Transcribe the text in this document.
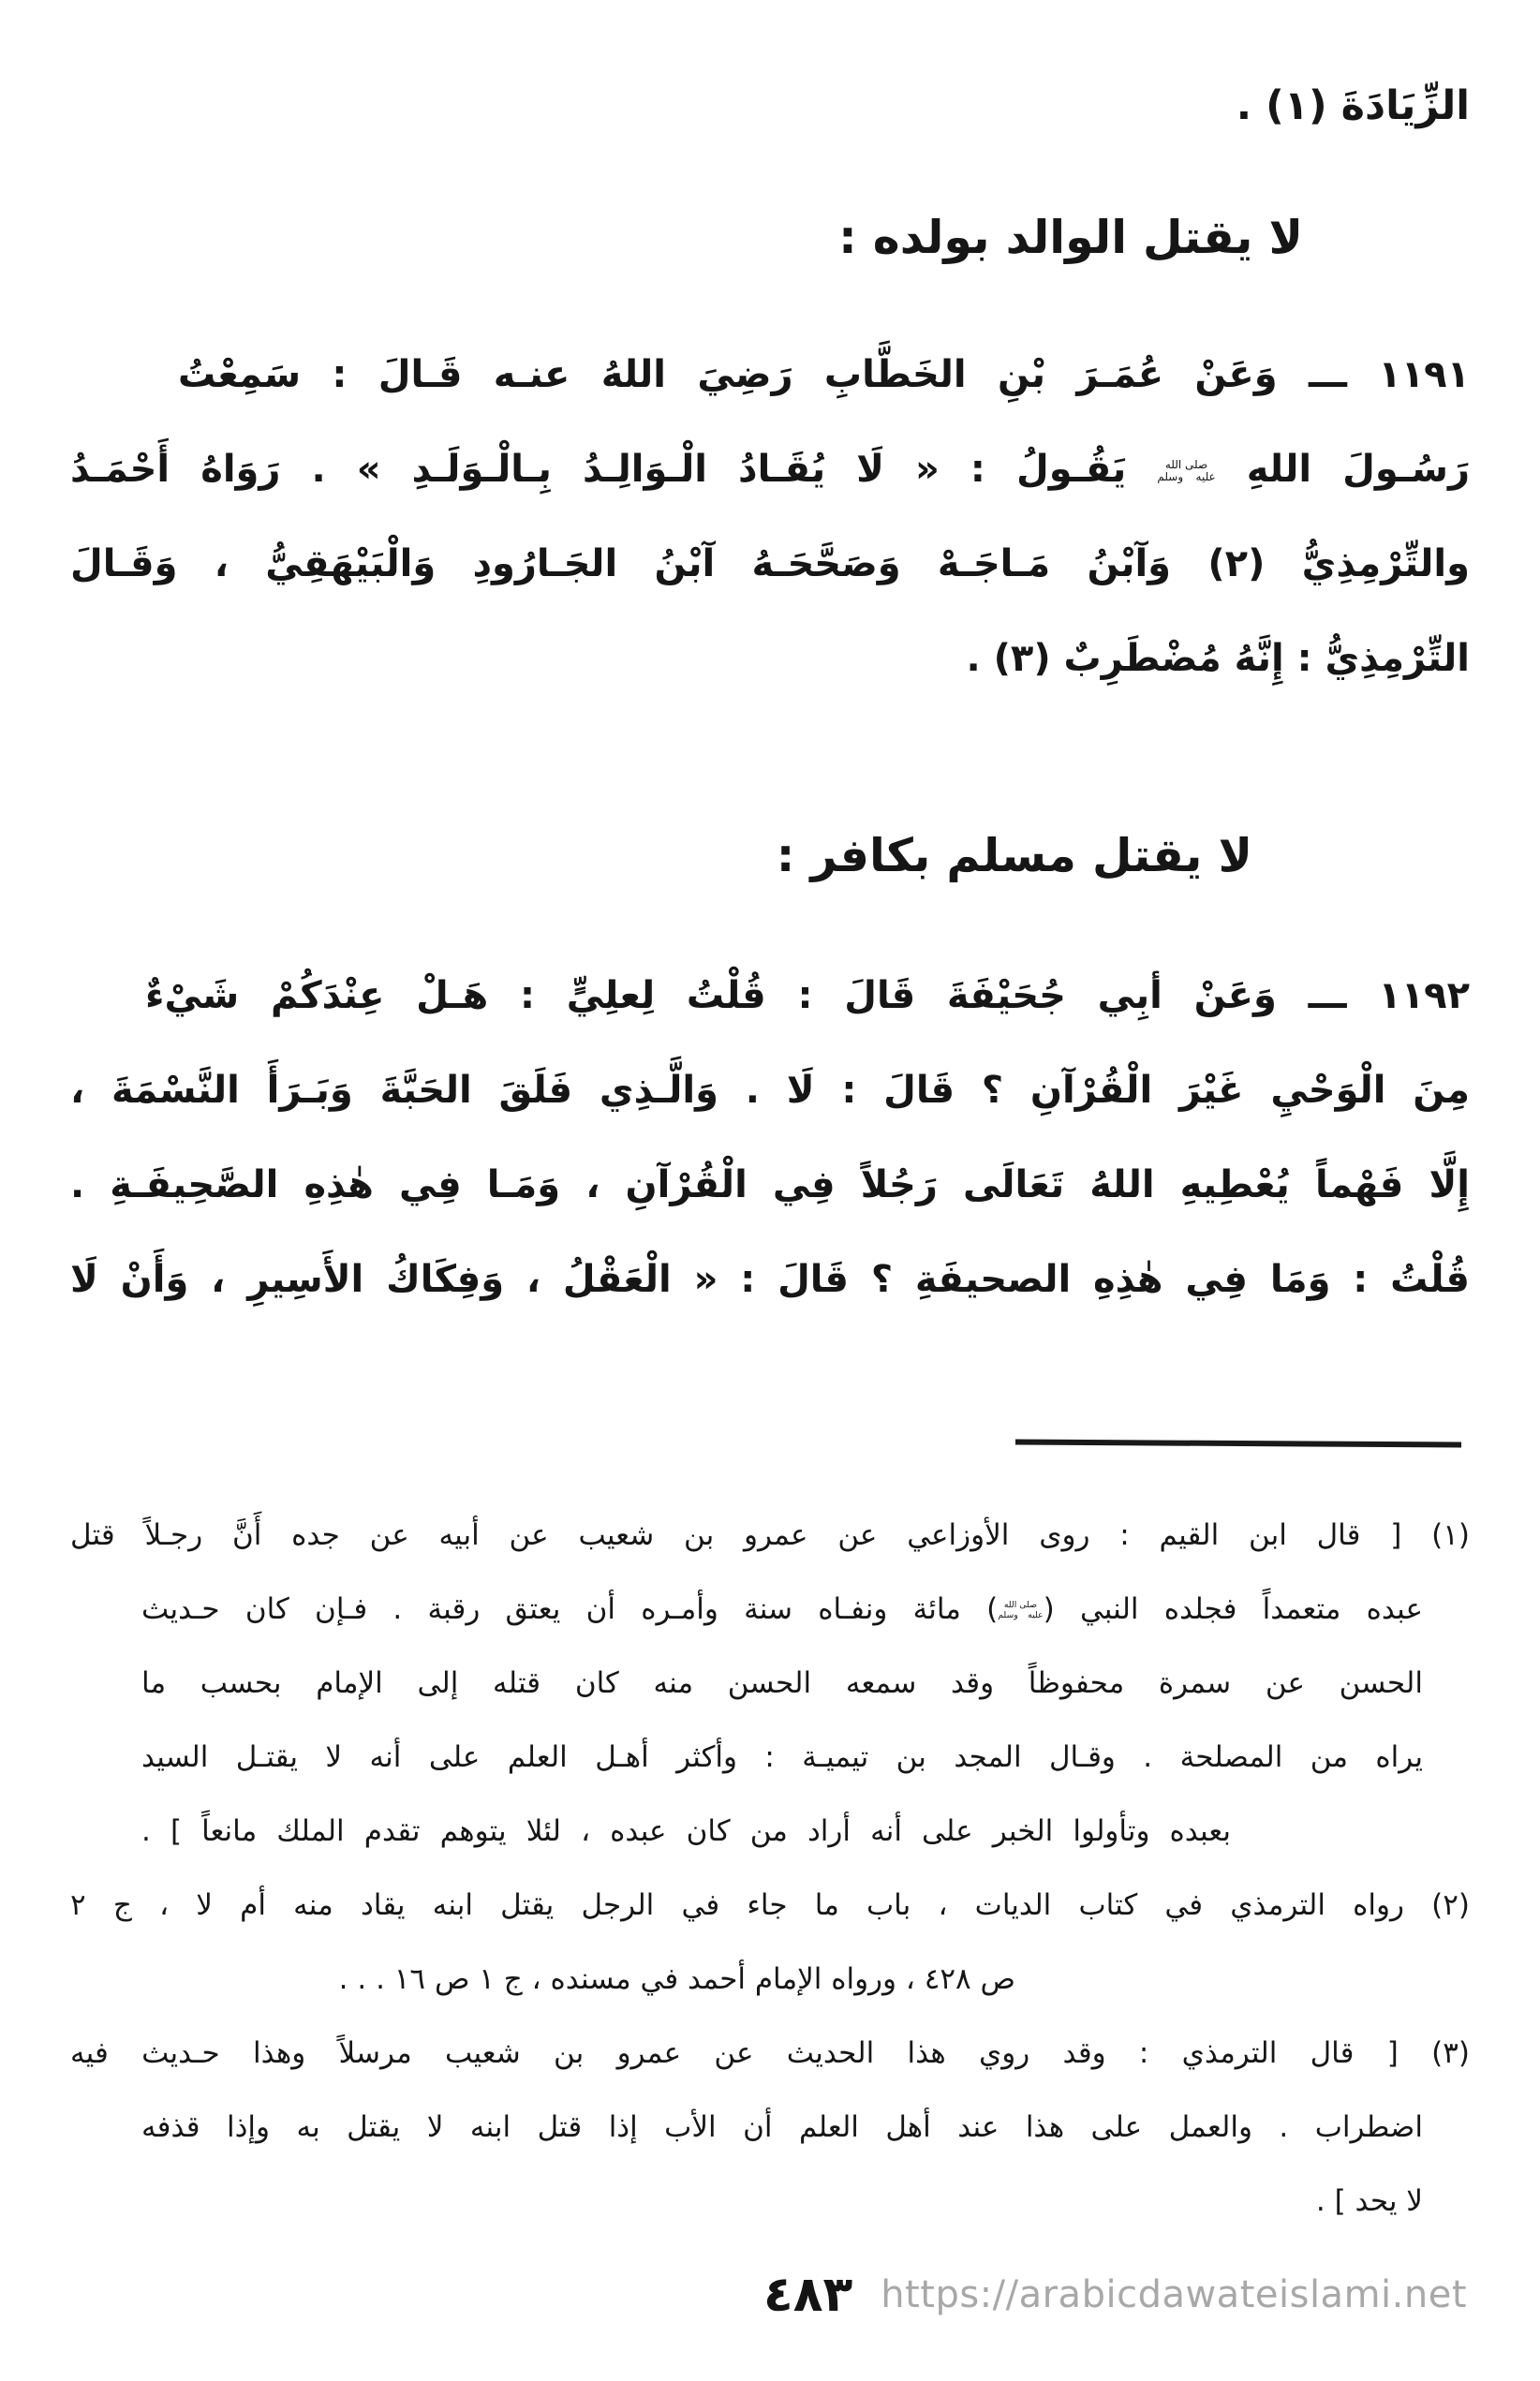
الزِّيَادَةَ (١) .
لا يقتل الوالد بولده :
١١٩١ ـــ وَعَنْ عُمَـرَ بْنِ الخَطَّابِ رَضِيَ اللهُ عنـه قَـالَ : سَمِعْتُ
رَسُـولَ اللهِ صلى الله عليه وسلم يَقُـولُ : « لَا يُقَـادُ الْـوَالِـدُ بِـالْـوَلَـدِ » . رَوَاهُ أَحْمَـدُ
والتِّرْمِذِيُّ (٢) وَآبْنُ مَـاجَـهْ وَصَحَّحَـهُ آبْنُ الجَـارُودِ وَالْبَيْهَقِيُّ ، وَقَـالَ
التِّرْمِذِيُّ : إِنَّهُ مُضْطَرِبٌ (٣) .
لا يقتل مسلم بكافر :
١١٩٢ ـــ وَعَنْ أبِي جُحَيْفَةَ قَالَ : قُلْتُ لِعلِيٍّ : هَـلْ عِنْدَكُمْ شَيْءٌ
مِنَ الْوَحْيِ غَيْرَ الْقُرْآنِ ؟ قَالَ : لَا . وَالَّـذِي فَلَقَ الحَبَّةَ وَبَـرَأَ النَّسْمَةَ ،
إِلَّا فَهْماً يُعْطِيهِ اللهُ تَعَالَى رَجُلاً فِي الْقُرْآنِ ، وَمَـا فِي هٰذِهِ الصَّحِيفَـةِ .
قُلْتُ : وَمَا فِي هٰذِهِ الصحيفَةِ ؟ قَالَ : « الْعَقْلُ ، وَفِكَاكُ الأَسِيرِ ، وَأَنْ لَا
(١) [ قال ابن القيم : روى الأوزاعي عن عمرو بن شعيب عن أبيه عن جده أَنَّ رجـلاً قتل
عبده متعمداً فجلده النبي (صلى الله عليه وسلم) مائة ونفـاه سنة وأمـره أن يعتق رقبة . فـإن كان حـديث
الحسن عن سمرة محفوظاً وقد سمعه الحسن منه كان قتله إلى الإمام بحسب ما
يراه من المصلحة . وقـال المجد بن تيميـة : وأكثر أهـل العلم على أنه لا يقتـل السيد
بعبده وتأولوا الخبر على أنه أراد من كان عبده ، لئلا يتوهم تقدم الملك مانعاً ] .
(٢) رواه الترمذي في كتاب الديات ، باب ما جاء في الرجل يقتل ابنه يقاد منه أم لا ، ج ٢
ص ٤٢٨ ، ورواه الإمام أحمد في مسنده ، ج ١ ص ١٦ . . .
(٣) [ قال الترمذي : وقد روي هذا الحديث عن عمرو بن شعيب مرسلاً وهذا حـديث فيه
اضطراب . والعمل على هذا عند أهل العلم أن الأب إذا قتل ابنه لا يقتل به وإذا قذفه
لا يحد ] .
٤٨٣ https://arabicdawateislami.net
